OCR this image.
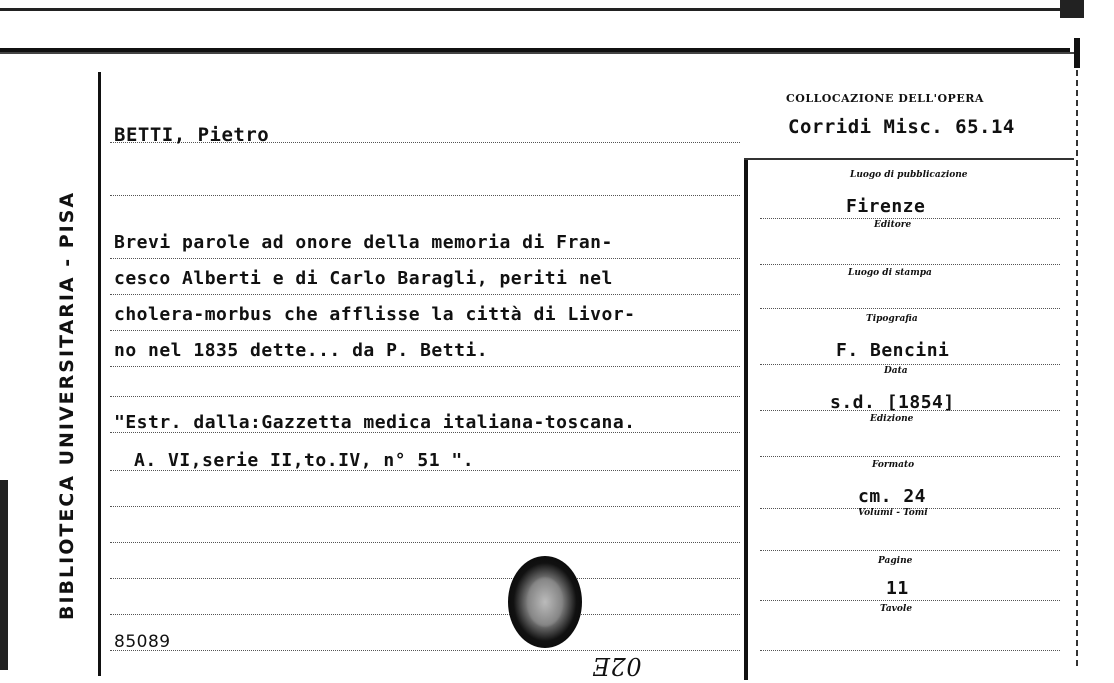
BIBLIOTECA UNIVERSITARIA - PISA
COLLOCAZIONE DELL'OPERA
Corridi Misc. 65.14
BETTI, Pietro
Brevi parole ad onore della memoria di Fran-
cesco Alberti e di Carlo Baragli, periti nel
cholera-morbus che afflisse la città di Livor-
no nel 1835 dette... da P. Betti.
"Estr. dalla:Gazzetta medica italiana-toscana.
A. VI,serie II,to.IV, n° 51 ".
85089
02E
Luogo di pubblicazione
Firenze
Editore
Luogo di stampa
Tipografia
F. Bencini
Data
s.d. [1854]
Edizione
Formato
cm. 24
Volumi - Tomi
Pagine
11
Tavole
